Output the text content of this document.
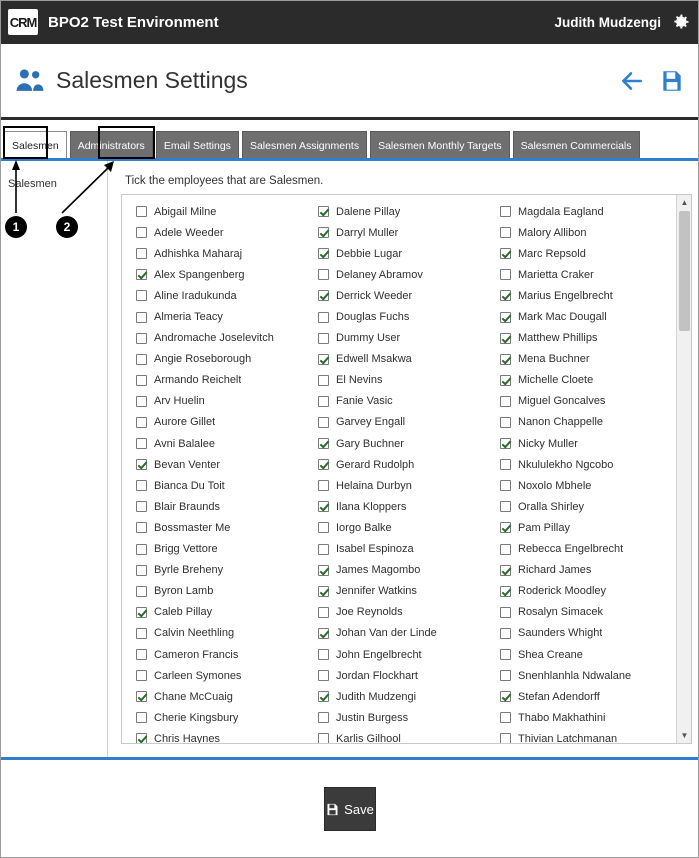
CRM BPO2 Test Environment	Judith Mudzengi
Salesmen Settings
Salesmen Administrators Email Settings Salesmen Assignments Salesmen Monthly Targets Salesmen Commercials
Salesmen	Tick the employees that are Salesmen.
Abigail Milne
Adele Weeder
Adhishka Maharaj
Alex Spangenberg
Aline Iradukunda
Almeria Teacy
Andromache Joselevitch
Angie Roseborough
Armando Reichelt
Arv Huelin
Aurore Gillet
Avni Balalee
Bevan Venter
Bianca Du Toit
Blair Braunds
Bossmaster Me
Brigg Vettore
Byrle Breheny
Byron Lamb
Caleb Pillay
Calvin Neethling
Cameron Francis
Carleen Symones
Chane McCuaig
Cherie Kingsbury
Chris Haynes
Dalene Pillay
Darryl Muller
Debbie Lugar
Delaney Abramov
Derrick Weeder
Douglas Fuchs
Dummy User
Edwell Msakwa
El Nevins
Fanie Vasic
Garvey Engall
Gary Buchner
Gerard Rudolph
Helaina Durbyn
Ilana Kloppers
Iorgo Balke
Isabel Espinoza
James Magombo
Jennifer Watkins
Joe Reynolds
Johan Van der Linde
John Engelbrecht
Jordan Flockhart
Judith Mudzengi
Justin Burgess
Karlis Gilhool
Magdala Eagland
Malory Allibon
Marc Repsold
Marietta Craker
Marius Engelbrecht
Mark Mac Dougall
Matthew Phillips
Mena Buchner
Michelle Cloete
Miguel Goncalves
Nanon Chappelle
Nicky Muller
Nkululekho Ngcobo
Noxolo Mbhele
Oralla Shirley
Pam Pillay
Rebecca Engelbrecht
Richard James
Roderick Moodley
Rosalyn Simacek
Saunders Whight
Shea Creane
Snenhlanhla Ndwalane
Stefan Adendorff
Thabo Makhathini
Thivian Latchmanan
▲
▼
Save
1	2
